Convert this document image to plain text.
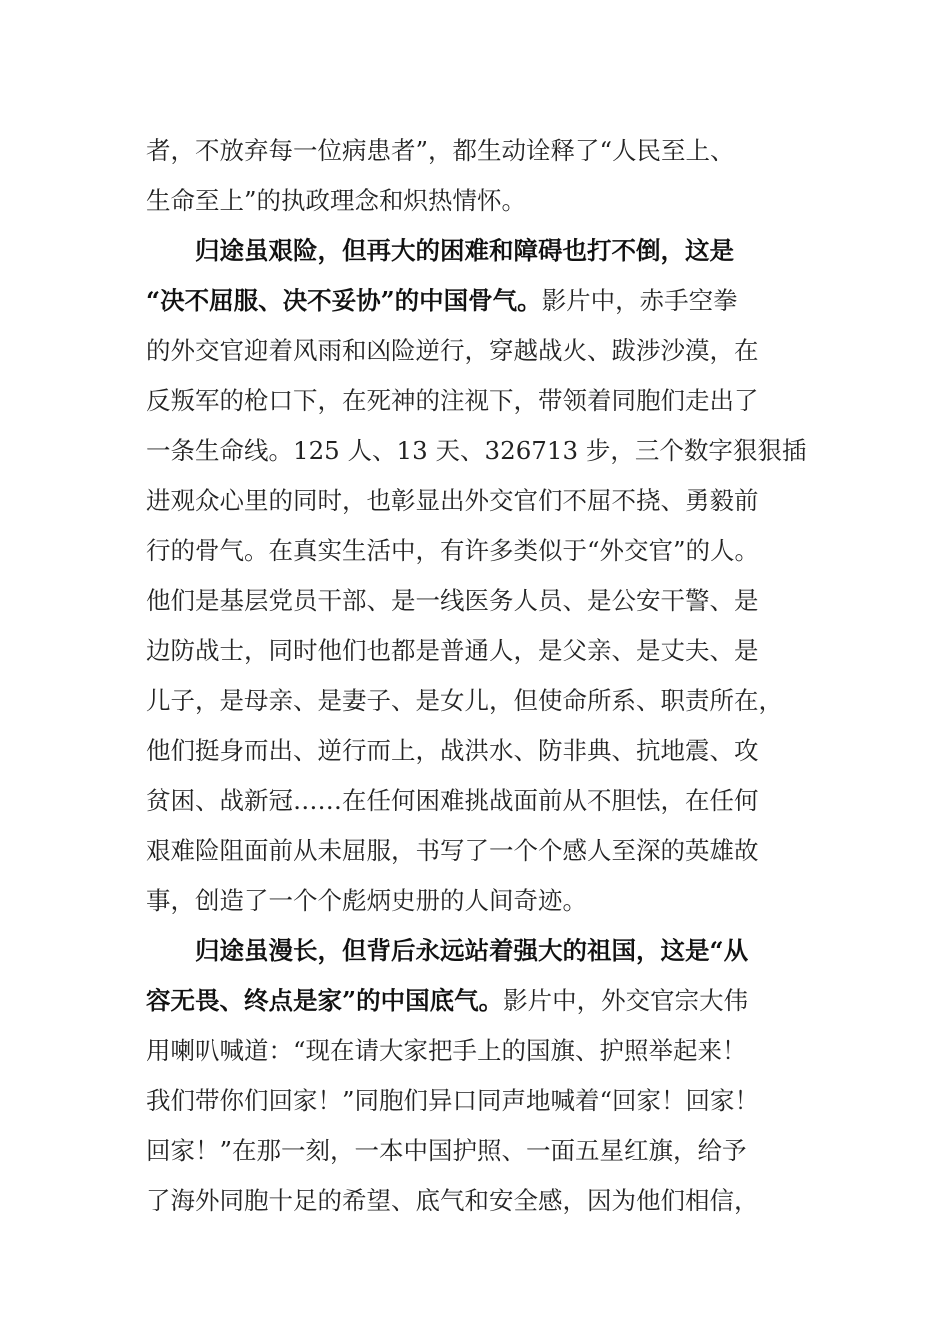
者，不放弃每一位病患者”，都生动诠释了“人民至上、
生命至上”的执政理念和炽热情怀。
归途虽艰险，但再大的困难和障碍也打不倒，这是
“决不屈服、决不妥协”的中国骨气。影片中，赤手空拳
的外交官迎着风雨和凶险逆行，穿越战火、跋涉沙漠，在
反叛军的枪口下，在死神的注视下，带领着同胞们走出了
一条生命线。125 人、13 天、326713 步，三个数字狠狠插
进观众心里的同时，也彰显出外交官们不屈不挠、勇毅前
行的骨气。在真实生活中，有许多类似于“外交官”的人。
他们是基层党员干部、是一线医务人员、是公安干警、是
边防战士，同时他们也都是普通人，是父亲、是丈夫、是
儿子，是母亲、是妻子、是女儿，但使命所系、职责所在，
他们挺身而出、逆行而上，战洪水、防非典、抗地震、攻
贫困、战新冠……在任何困难挑战面前从不胆怯，在任何
艰难险阻面前从未屈服，书写了一个个感人至深的英雄故
事，创造了一个个彪炳史册的人间奇迹。
归途虽漫长，但背后永远站着强大的祖国，这是“从
容无畏、终点是家”的中国底气。影片中，外交官宗大伟
用喇叭喊道：“现在请大家把手上的国旗、护照举起来！
我们带你们回家！”同胞们异口同声地喊着“回家！回家！
回家！”在那一刻，一本中国护照、一面五星红旗，给予
了海外同胞十足的希望、底气和安全感，因为他们相信，
